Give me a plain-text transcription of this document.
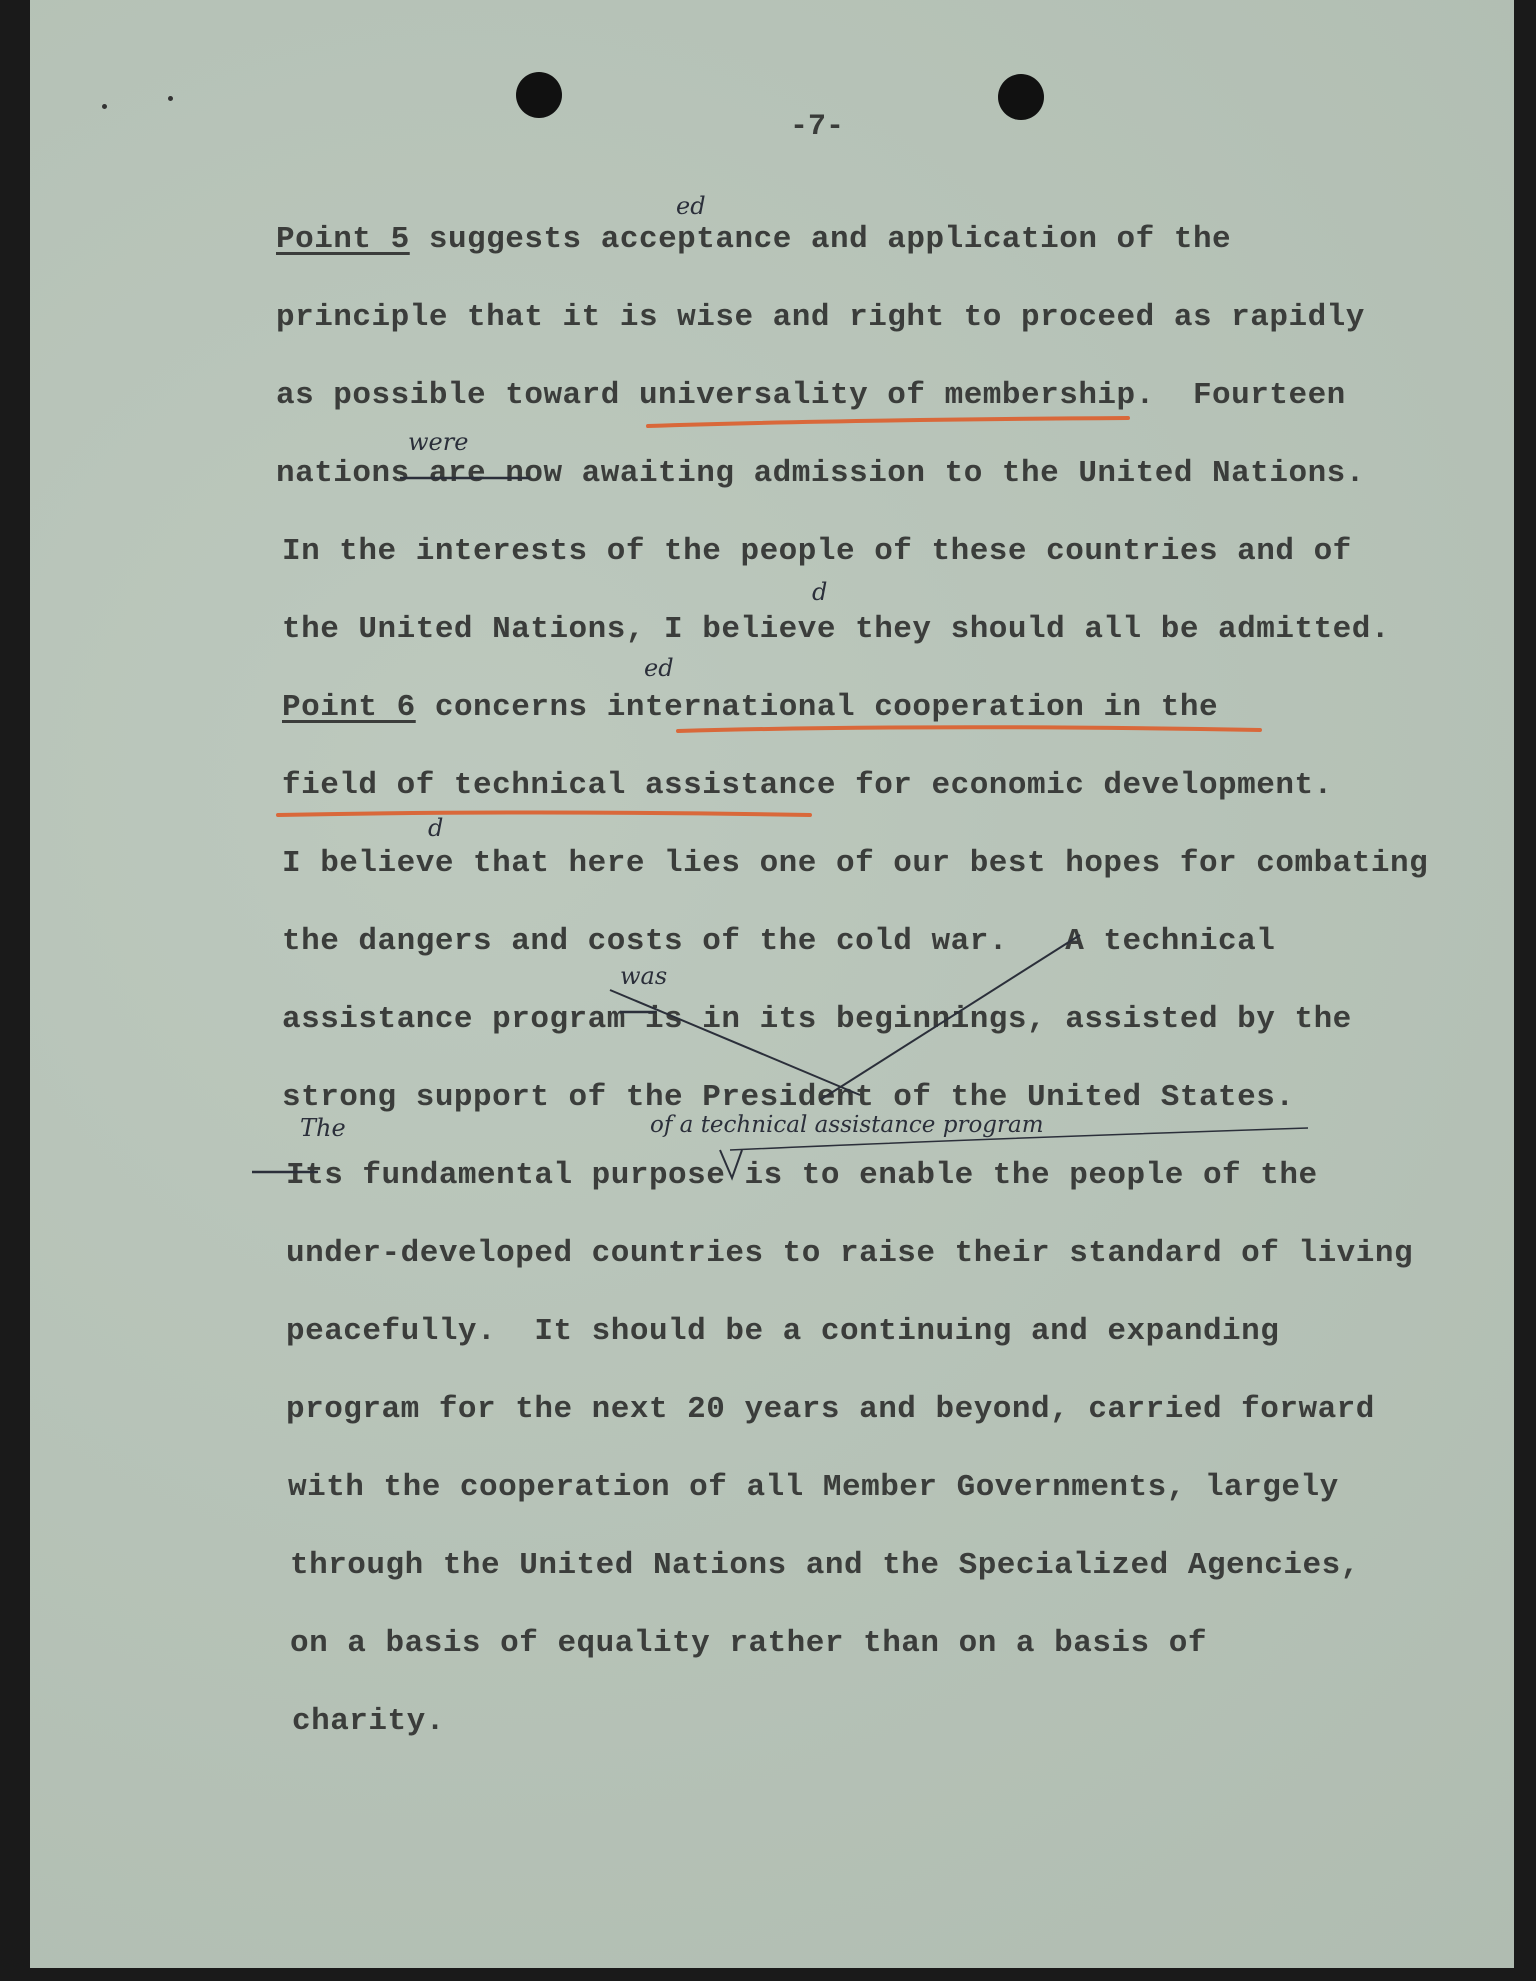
-7-
Point 5 suggests acceptance and application of the
principle that it is wise and right to proceed as rapidly
as possible toward universality of membership.  Fourteen
nations are now awaiting admission to the United Nations.
In the interests of the people of these countries and of
the United Nations, I believe they should all be admitted.
Point 6 concerns international cooperation in the
field of technical assistance for economic development.
I believe that here lies one of our best hopes for combating
the dangers and costs of the cold war.   A technical
assistance program is in its beginnings, assisted by the
strong support of the President of the United States.
Its fundamental purpose is to enable the people of the
under-developed countries to raise their standard of living
peacefully.  It should be a continuing and expanding
program for the next 20 years and beyond, carried forward
with the cooperation of all Member Governments, largely
through the United Nations and the Specialized Agencies,
on a basis of equality rather than on a basis of
charity.
ed
were
d
ed
d
was
The	of a technical assistance program
